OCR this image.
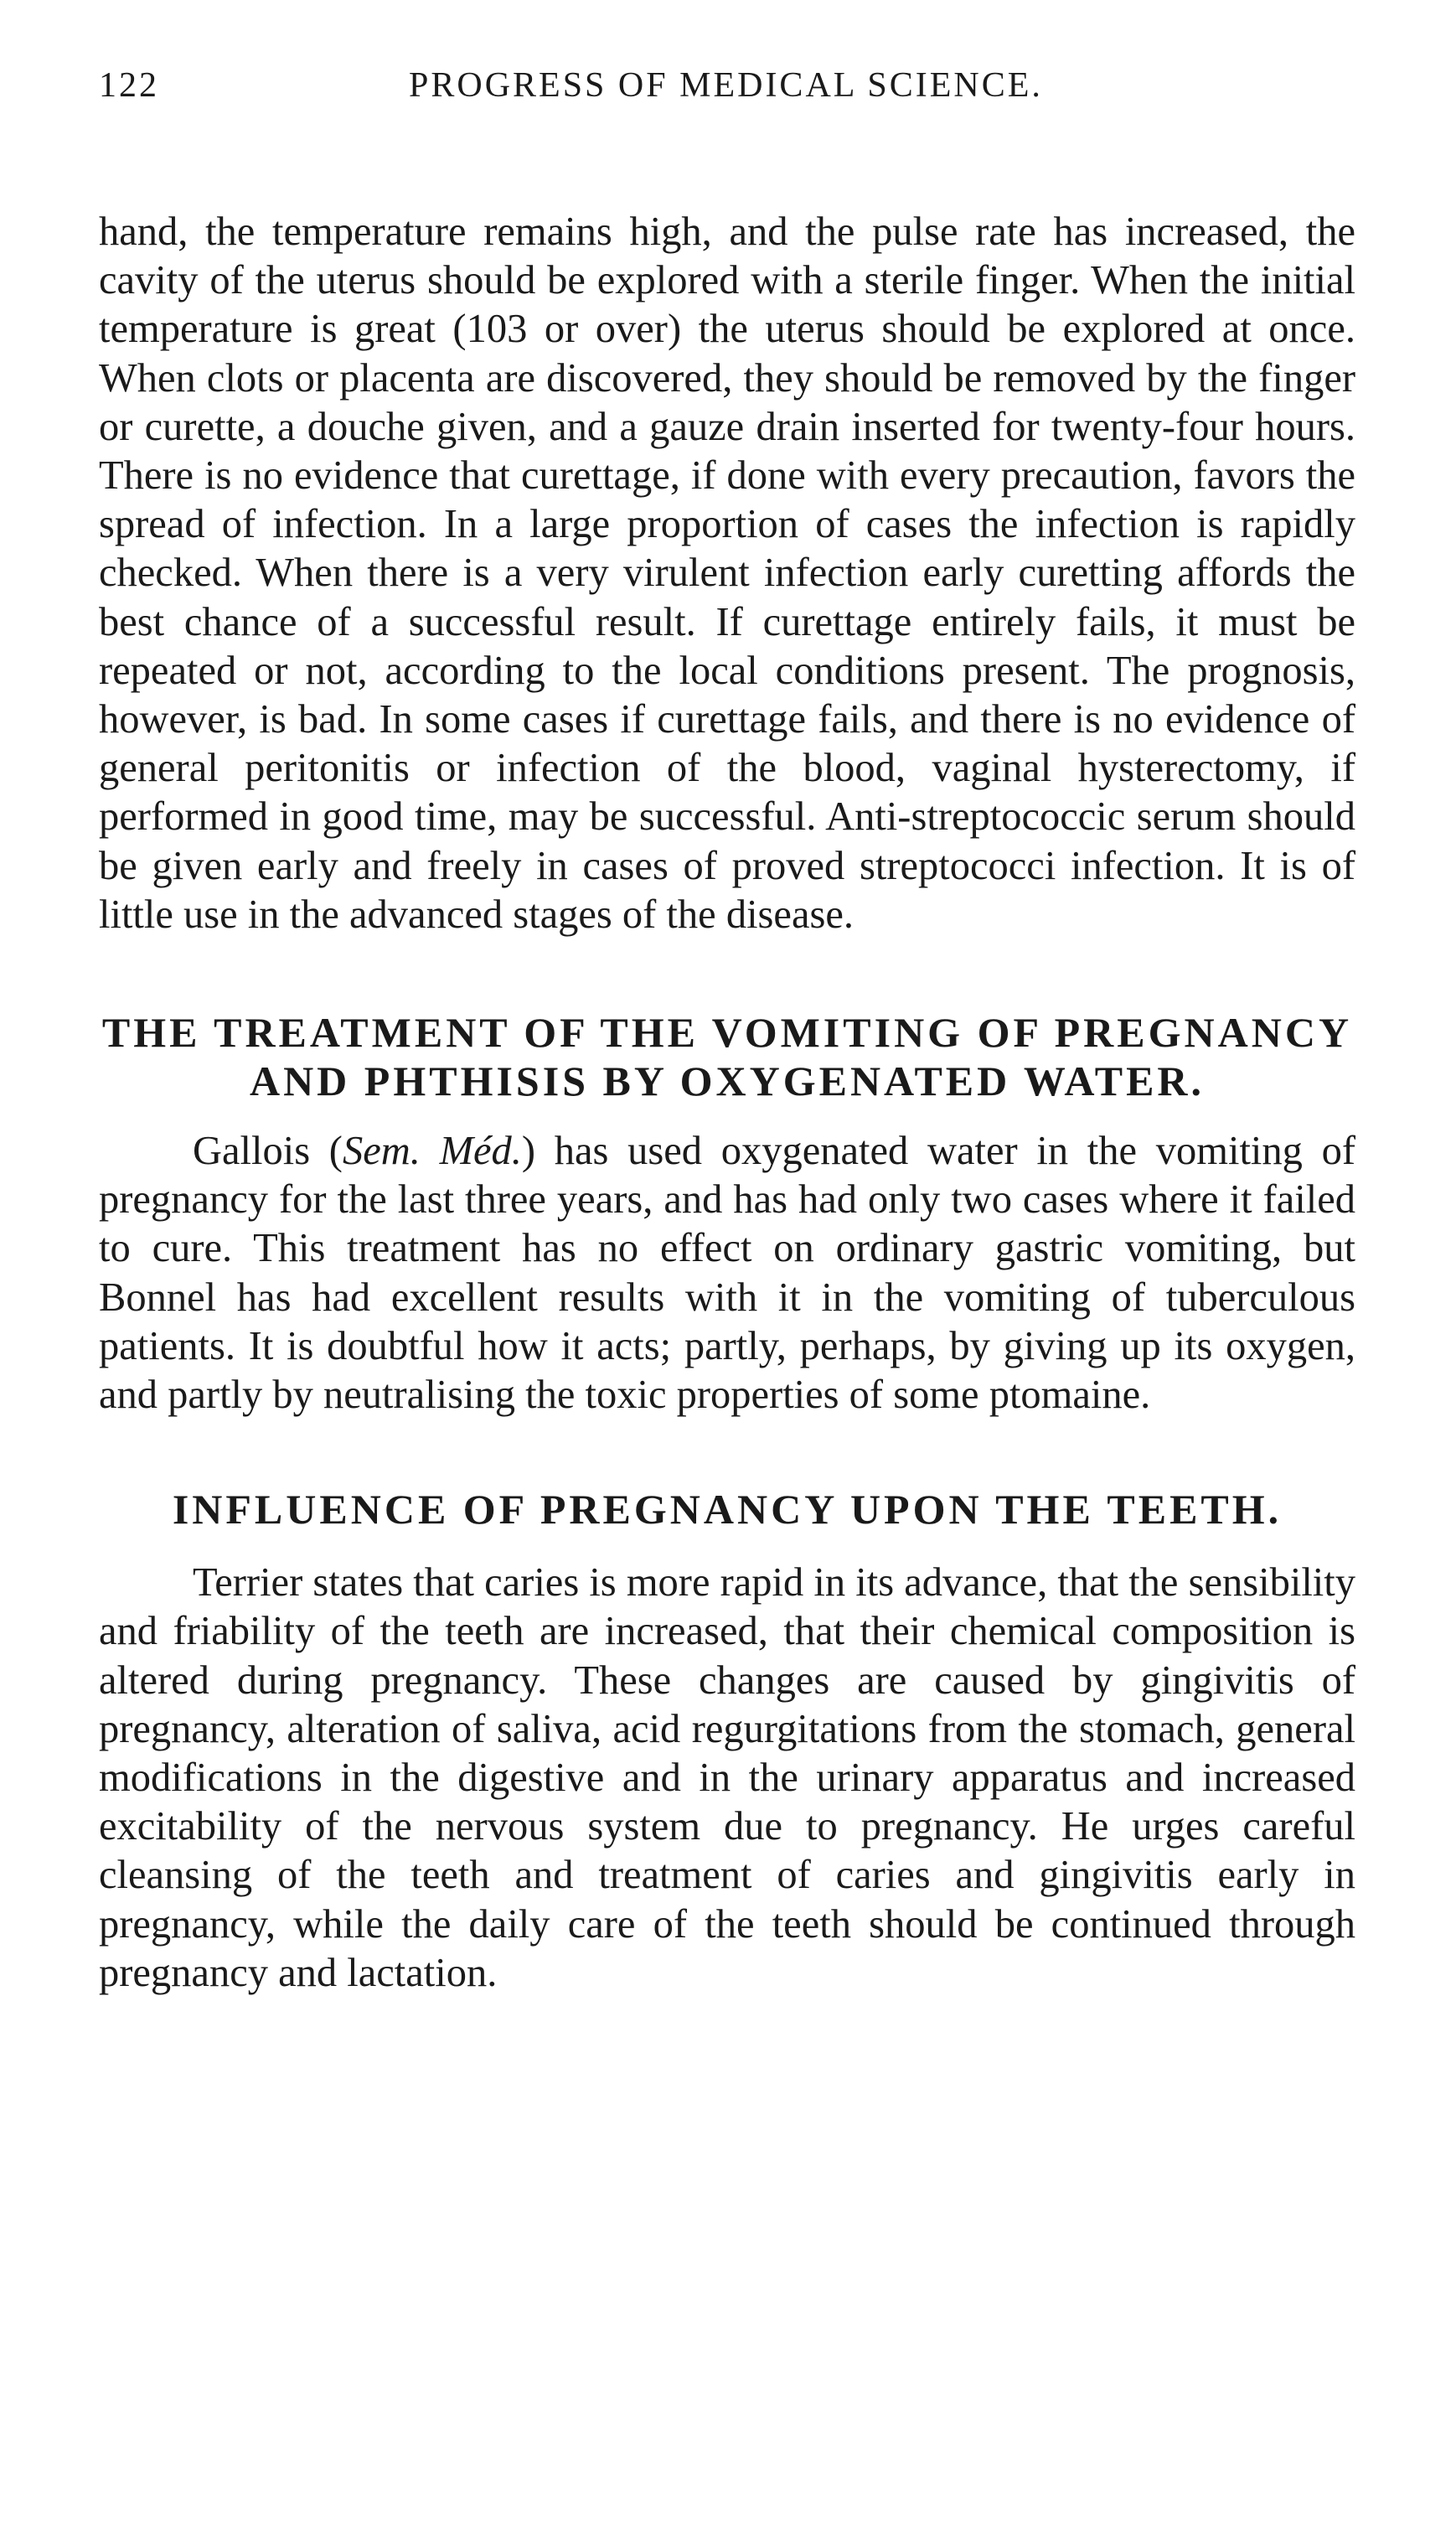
122	PROGRESS OF MEDICAL SCIENCE.

hand, the temperature remains high, and the pulse rate has increased, the cavity of the uterus should be explored with a sterile finger. When the initial temperature is great (103 or over) the uterus should be explored at once. When clots or placenta are discovered, they should be removed by the finger or curette, a douche given, and a gauze drain inserted for twenty-four hours. There is no evidence that curettage, if done with every precaution, favors the spread of infection. In a large proportion of cases the infection is rapidly checked. When there is a very virulent infection early curetting affords the best chance of a successful result. If curettage entirely fails, it must be repeated or not, according to the local conditions present. The prognosis, however, is bad. In some cases if curettage fails, and there is no evidence of general peritonitis or infection of the blood, vaginal hysterectomy, if performed in good time, may be successful. Anti-streptococcic serum should be given early and freely in cases of proved streptococci infection. It is of little use in the advanced stages of the disease.

THE TREATMENT OF THE VOMITING OF PREGNANCY AND PHTHISIS BY OXYGENATED WATER.

Gallois (Sem. Méd.) has used oxygenated water in the vomiting of pregnancy for the last three years, and has had only two cases where it failed to cure. This treatment has no effect on ordinary gastric vomiting, but Bonnel has had excellent results with it in the vomiting of tuberculous patients. It is doubtful how it acts; partly, perhaps, by giving up its oxygen, and partly by neutralising the toxic properties of some ptomaine.

INFLUENCE OF PREGNANCY UPON THE TEETH.

Terrier states that caries is more rapid in its advance, that the sensibility and friability of the teeth are increased, that their chemical composition is altered during pregnancy. These changes are caused by gingivitis of pregnancy, alteration of saliva, acid regurgitations from the stomach, general modifications in the digestive and in the urinary apparatus and increased excitability of the nervous system due to pregnancy. He urges careful cleansing of the teeth and treatment of caries and gingivitis early in pregnancy, while the daily care of the teeth should be continued through pregnancy and lactation.
